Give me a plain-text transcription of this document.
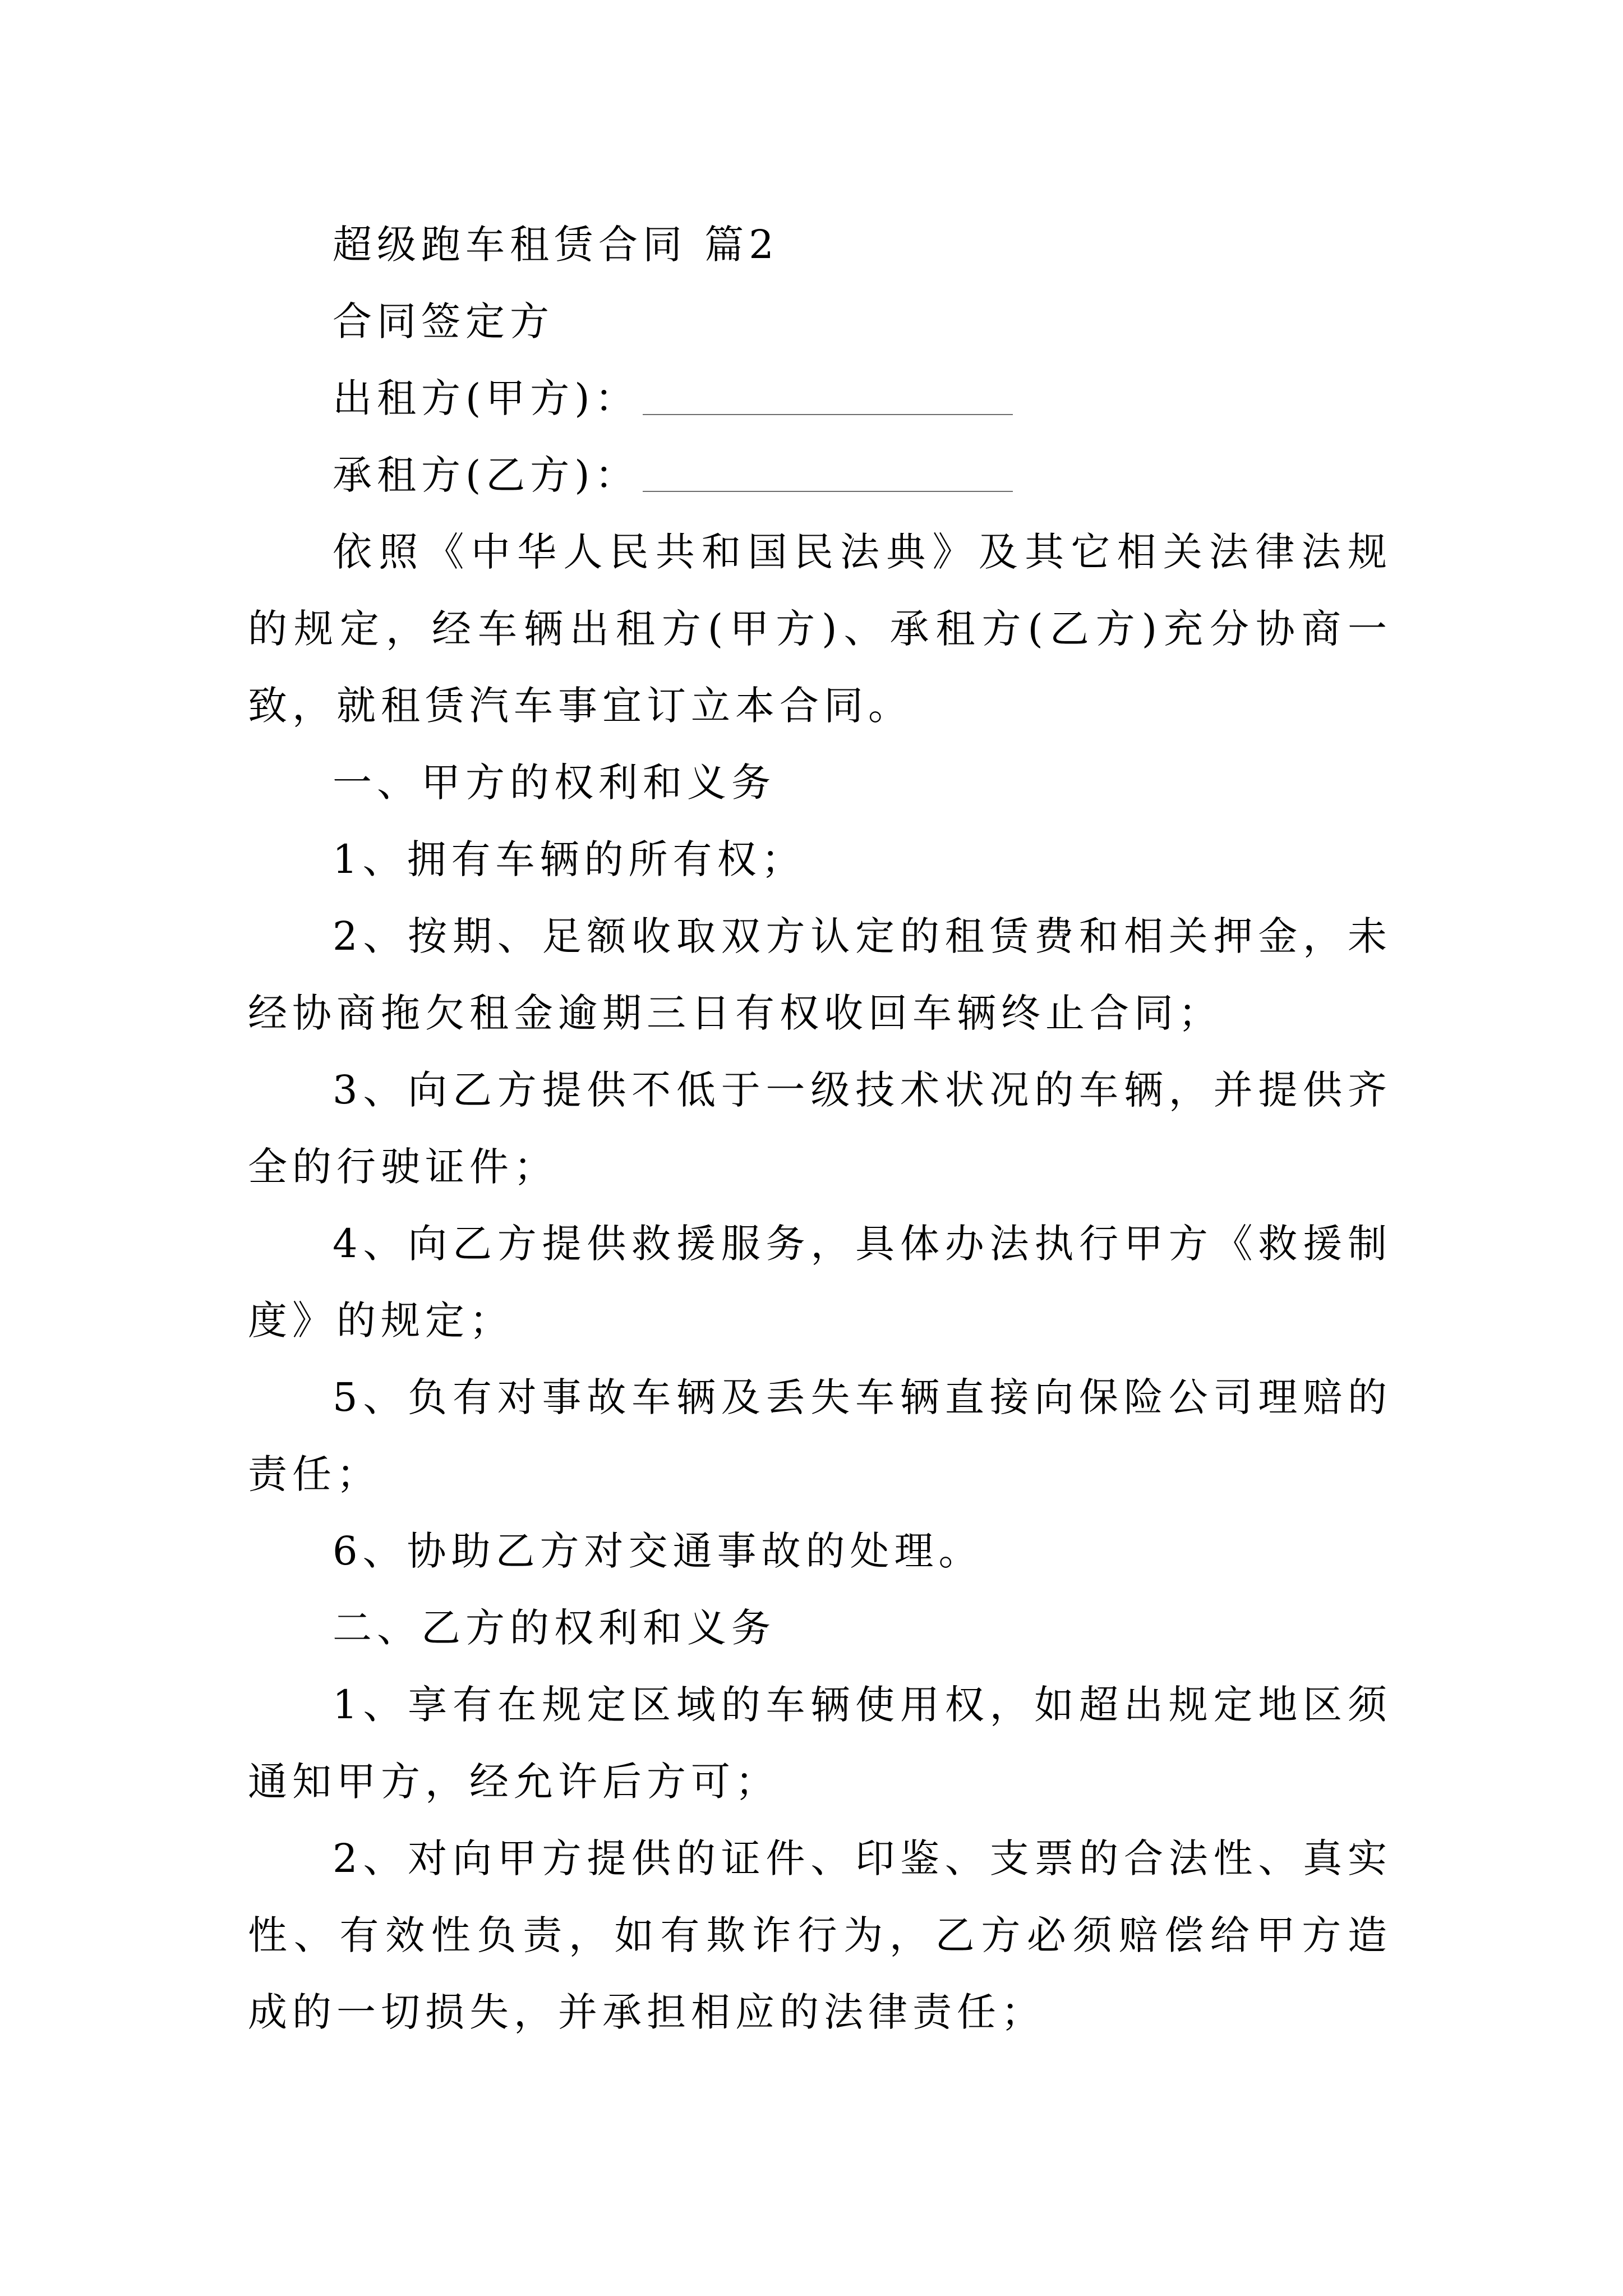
超级跑车租赁合同 篇2

合同签定方

出租方(甲方)：

承租方(乙方)：

依照《中华人民共和国民法典》及其它相关法律法规的规定，经车辆出租方(甲方)、承租方(乙方)充分协商一致，就租赁汽车事宜订立本合同。

一、甲方的权利和义务

1、拥有车辆的所有权；

2、按期、足额收取双方认定的租赁费和相关押金，未经协商拖欠租金逾期三日有权收回车辆终止合同；

3、向乙方提供不低于一级技术状况的车辆，并提供齐全的行驶证件；

4、向乙方提供救援服务，具体办法执行甲方《救援制度》的规定；

5、负有对事故车辆及丢失车辆直接向保险公司理赔的责任；

6、协助乙方对交通事故的处理。

二、乙方的权利和义务

1、享有在规定区域的车辆使用权，如超出规定地区须通知甲方，经允许后方可；

2、对向甲方提供的证件、印鉴、支票的合法性、真实性、有效性负责，如有欺诈行为，乙方必须赔偿给甲方造成的一切损失，并承担相应的法律责任；
